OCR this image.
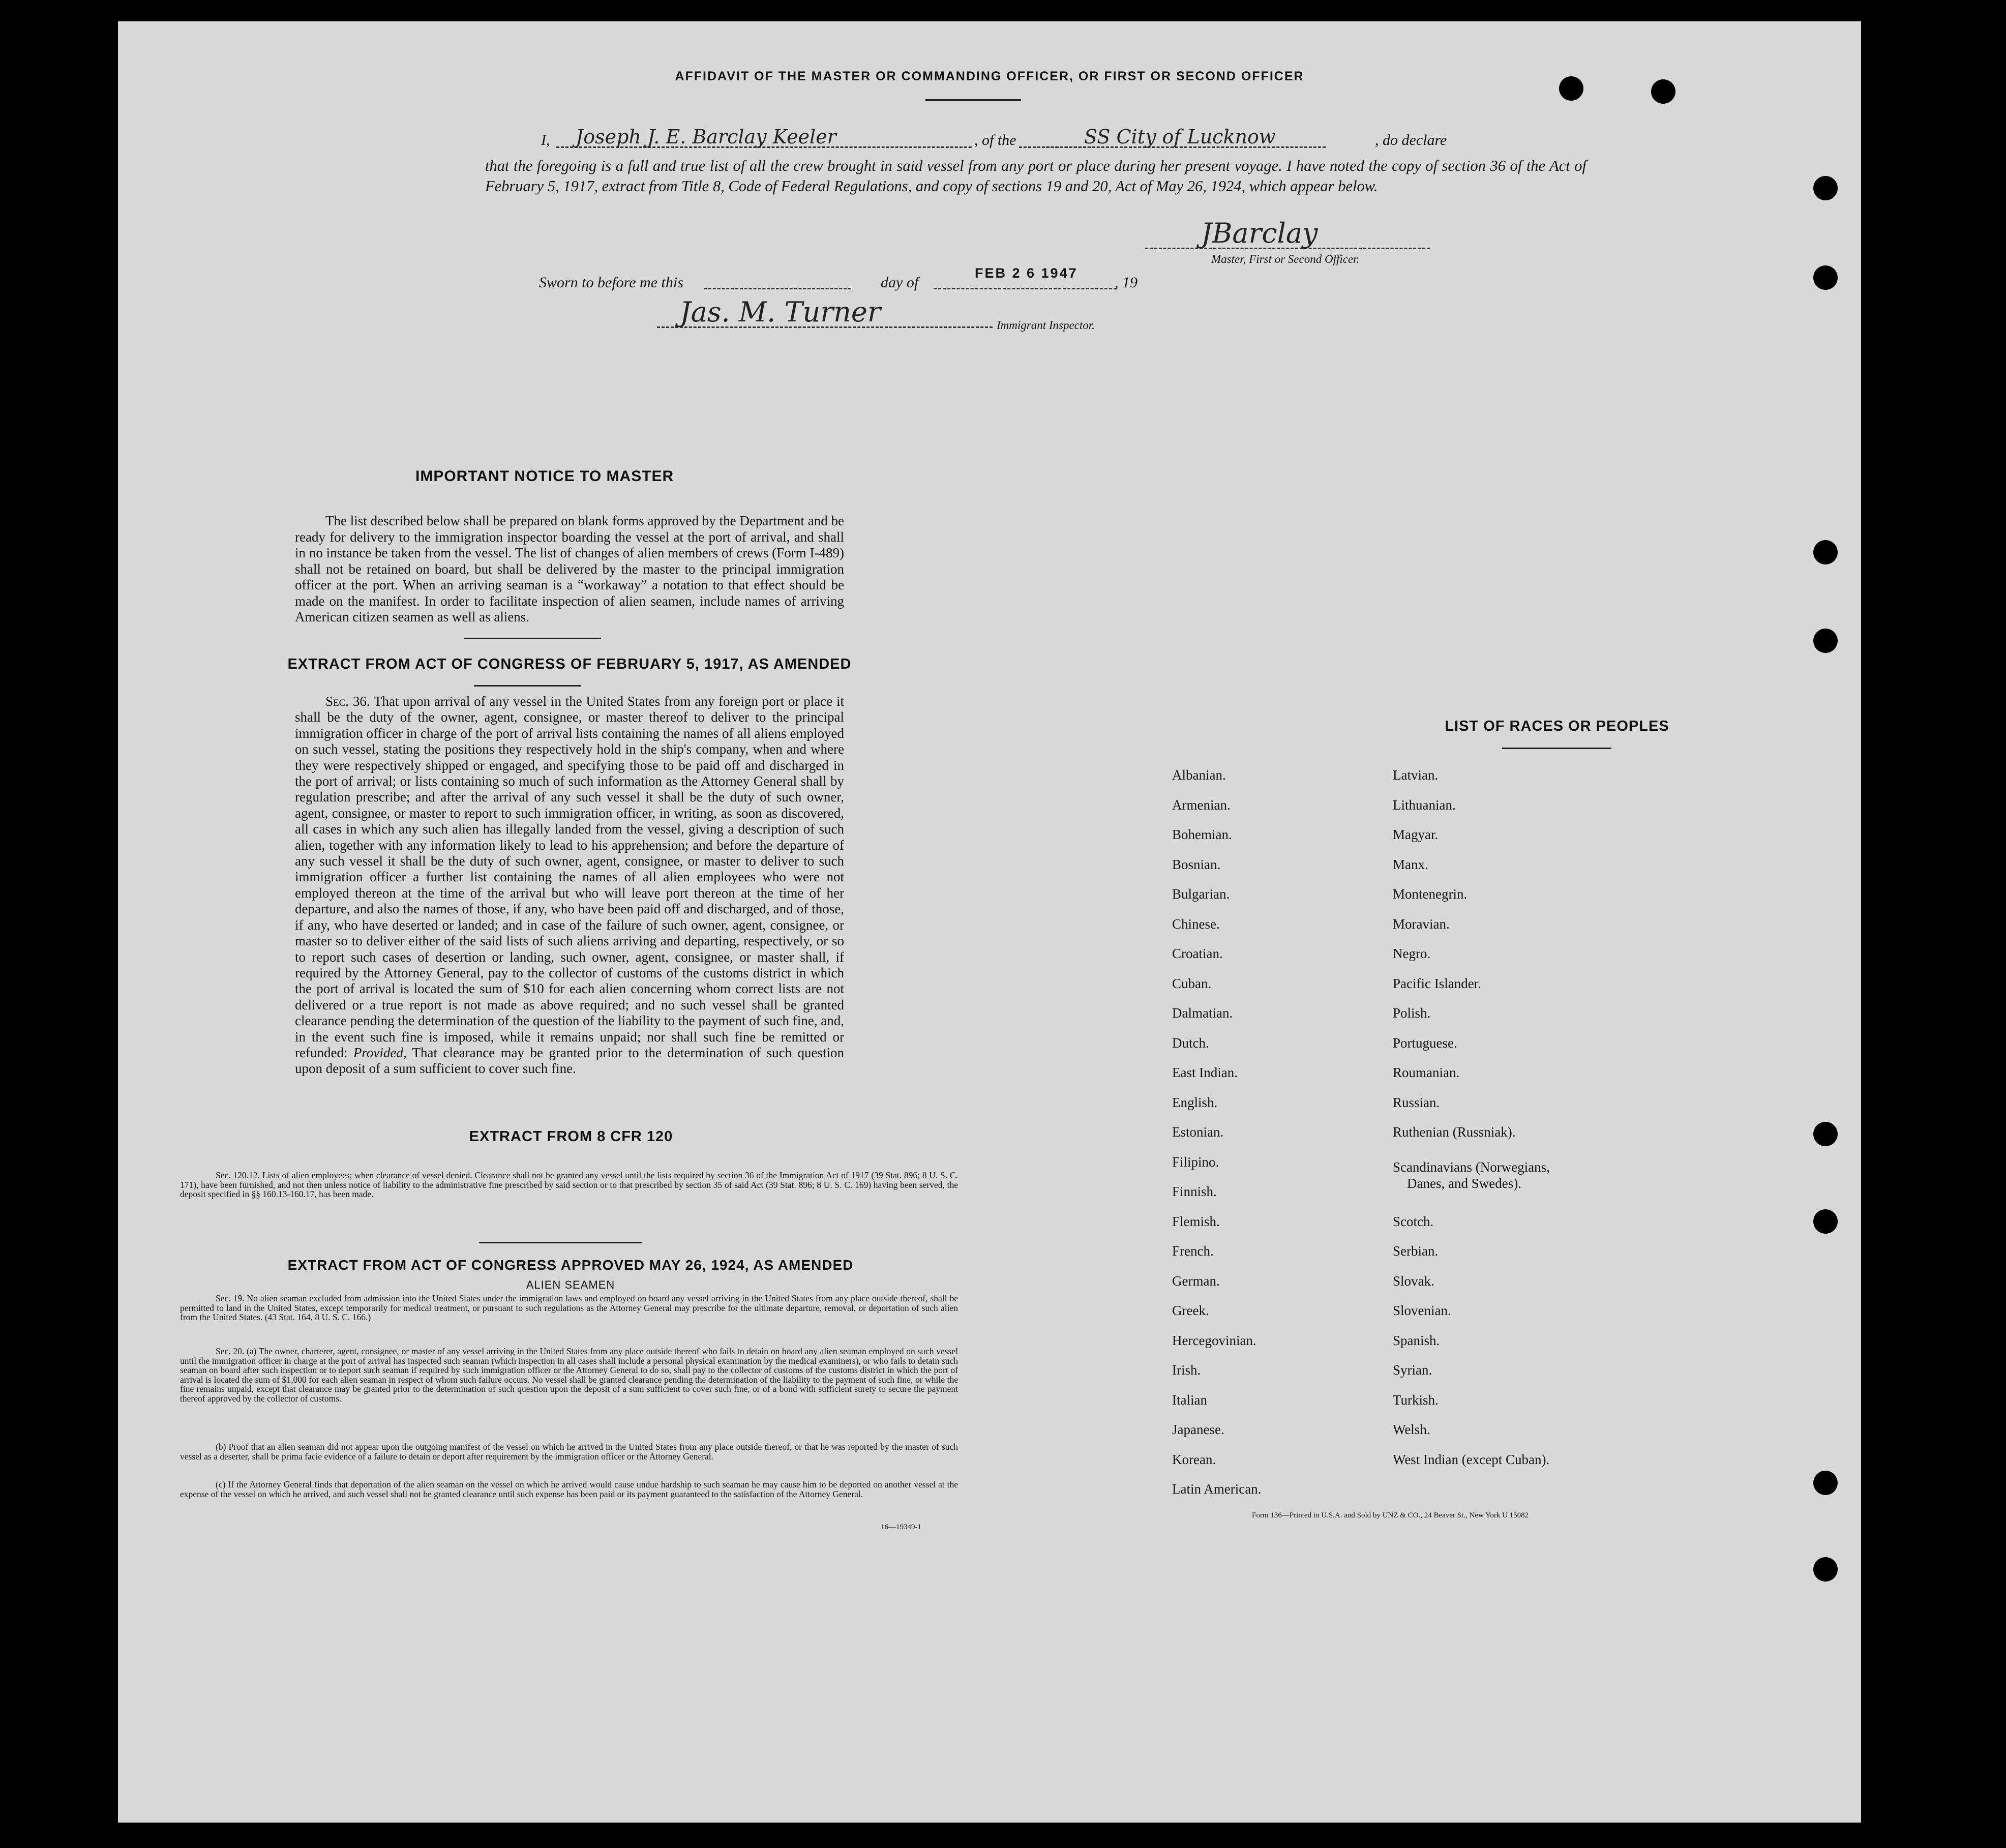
AFFIDAVIT OF THE MASTER OR COMMANDING OFFICER, OR FIRST OR SECOND OFFICER
I, Joseph J. E. Barclay Keeler	, of the	SS City of Lucknow	, do declare
that the foregoing is a full and true list of all the crew brought in said vessel from any port or place during her present voyage. I have noted the copy of section 36 of the Act of February 5, 1917, extract from Title 8, Code of Federal Regulations, and copy of sections 19 and 20, Act of May 26, 1924, which appear below.
JBarclay
Master, First or Second Officer.
Sworn to before me this	day of
FEB 2 6 1947
, 19
Jas. M. Turner	Immigrant Inspector.
IMPORTANT NOTICE TO MASTER
The list described below shall be prepared on blank forms approved by the Department and be ready for delivery to the immigration inspector boarding the vessel at the port of arrival, and shall in no instance be taken from the vessel. The list of changes of alien members of crews (Form I-489) shall not be retained on board, but shall be delivered by the master to the principal immigration officer at the port. When an arriving seaman is a “workaway” a notation to that effect should be made on the manifest. In order to facilitate inspection of alien seamen, include names of arriving American citizen seamen as well as aliens.
EXTRACT FROM ACT OF CONGRESS OF FEBRUARY 5, 1917, AS AMENDED
Sec. 36. That upon arrival of any vessel in the United States from any foreign port or place it shall be the duty of the owner, agent, consignee, or master thereof to deliver to the principal immigration officer in charge of the port of arrival lists containing the names of all aliens employed on such vessel, stating the positions they respectively hold in the ship's company, when and where they were respectively shipped or engaged, and specifying those to be paid off and discharged in the port of arrival; or lists containing so much of such information as the Attorney General shall by regulation prescribe; and after the arrival of any such vessel it shall be the duty of such owner, agent, consignee, or master to report to such immigration officer, in writing, as soon as discovered, all cases in which any such alien has illegally landed from the vessel, giving a description of such alien, together with any information likely to lead to his apprehension; and before the departure of any such vessel it shall be the duty of such owner, agent, consignee, or master to deliver to such immigration officer a further list containing the names of all alien employees who were not employed thereon at the time of the arrival but who will leave port thereon at the time of her departure, and also the names of those, if any, who have been paid off and discharged, and of those, if any, who have deserted or landed; and in case of the failure of such owner, agent, consignee, or master so to deliver either of the said lists of such aliens arriving and departing, respectively, or so to report such cases of desertion or landing, such owner, agent, consignee, or master shall, if required by the Attorney General, pay to the collector of customs of the customs district in which the port of arrival is located the sum of $10 for each alien concerning whom correct lists are not delivered or a true report is not made as above required; and no such vessel shall be granted clearance pending the determination of the question of the liability to the payment of such fine, and, in the event such fine is imposed, while it remains unpaid; nor shall such fine be remitted or refunded: Provided, That clearance may be granted prior to the determination of such question upon deposit of a sum sufficient to cover such fine.
EXTRACT FROM 8 CFR 120
Sec. 120.12. Lists of alien employees; when clearance of vessel denied. Clearance shall not be granted any vessel until the lists required by section 36 of the Immigration Act of 1917 (39 Stat. 896; 8 U. S. C. 171), have been furnished, and not then unless notice of liability to the administrative fine prescribed by said section or to that prescribed by section 35 of said Act (39 Stat. 896; 8 U. S. C. 169) having been served, the deposit specified in §§ 160.13-160.17, has been made.
EXTRACT FROM ACT OF CONGRESS APPROVED MAY 26, 1924, AS AMENDED
ALIEN SEAMEN
Sec. 19. No alien seaman excluded from admission into the United States under the immigration laws and employed on board any vessel arriving in the United States from any place outside thereof, shall be permitted to land in the United States, except temporarily for medical treatment, or pursuant to such regulations as the Attorney General may prescribe for the ultimate departure, removal, or deportation of such alien from the United States. (43 Stat. 164, 8 U. S. C. 166.)
Sec. 20. (a) The owner, charterer, agent, consignee, or master of any vessel arriving in the United States from any place outside thereof who fails to detain on board any alien seaman employed on such vessel until the immigration officer in charge at the port of arrival has inspected such seaman (which inspection in all cases shall include a personal physical examination by the medical examiners), or who fails to detain such seaman on board after such inspection or to deport such seaman if required by such immigration officer or the Attorney General to do so, shall pay to the collector of customs of the customs district in which the port of arrival is located the sum of $1,000 for each alien seaman in respect of whom such failure occurs. No vessel shall be granted clearance pending the determination of the liability to the payment of such fine, or while the fine remains unpaid, except that clearance may be granted prior to the determination of such question upon the deposit of a sum sufficient to cover such fine, or of a bond with sufficient surety to secure the payment thereof approved by the collector of customs.
(b) Proof that an alien seaman did not appear upon the outgoing manifest of the vessel on which he arrived in the United States from any place outside thereof, or that he was reported by the master of such vessel as a deserter, shall be prima facie evidence of a failure to detain or deport after requirement by the immigration officer or the Attorney General.
(c) If the Attorney General finds that deportation of the alien seaman on the vessel on which he arrived would cause undue hardship to such seaman he may cause him to be deported on another vessel at the expense of the vessel on which he arrived, and such vessel shall not be granted clearance until such expense has been paid or its payment guaranteed to the satisfaction of the Attorney General.
16—19349-1
LIST OF RACES OR PEOPLES
Albanian.
Armenian.
Bohemian.
Bosnian.
Bulgarian.
Chinese.
Croatian.
Cuban.
Dalmatian.
Dutch.
East Indian.
English.
Estonian.
Filipino.
Finnish.
Flemish.
French.
German.
Greek.
Hercegovinian.
Irish.
Italian
Japanese.
Korean.
Latin American.
Latvian.
Lithuanian.
Magyar.
Manx.
Montenegrin.
Moravian.
Negro.
Pacific Islander.
Polish.
Portuguese.
Roumanian.
Russian.
Ruthenian (Russniak).
Scandinavians (Norwegians,
Danes, and Swedes).
Scotch.
Serbian.
Slovak.
Slovenian.
Spanish.
Syrian.
Turkish.
Welsh.
West Indian (except Cuban).
Form 136—Printed in U.S.A. and Sold by UNZ & CO., 24 Beaver St., New York U 15082
